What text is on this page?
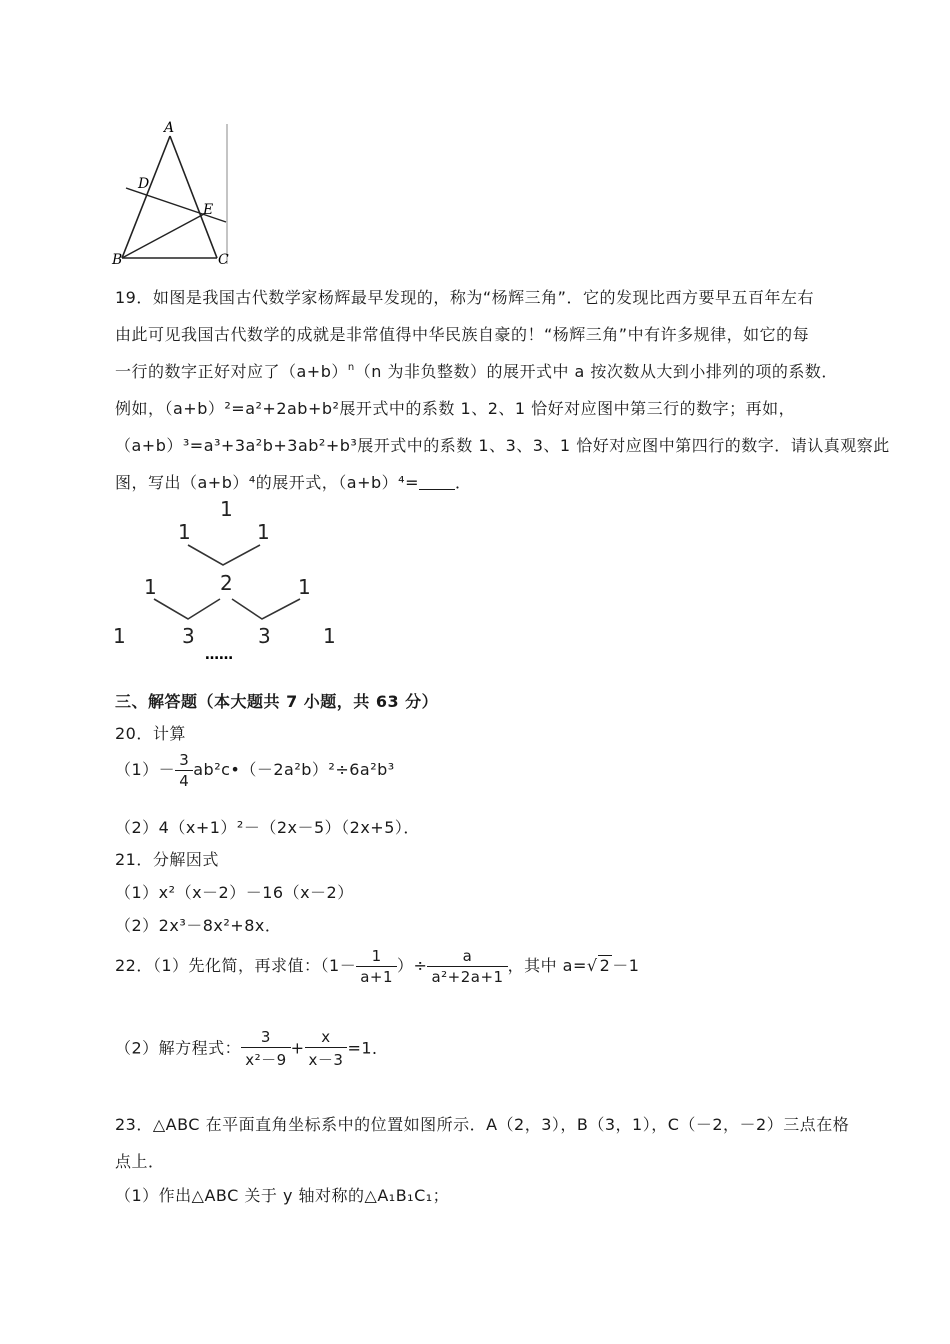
A
D
E
B	C
19．如图是我国古代数学家杨辉最早发现的，称为“杨辉三角”．它的发现比西方要早五百年左右
由此可见我国古代数学的成就是非常值得中华民族自豪的！“杨辉三角”中有许多规律，如它的每
一行的数字正好对应了$(a+b)^n(n$ 为非负整数）的展开式中 a 按次数从大到小排列的项的系数．
例如，（a+b）²=a²+2ab+b²展开式中的系数 1、2、1 恰好对应图中第三行的数字；再如，
（a+b）³=a³+3a²b+3ab²+b³展开式中的系数 1、3、3、1 恰好对应图中第四行的数字．请认真观察此
图，写出（a+b）⁴的展开式，（a+b）⁴= ．
1
1	1
1	2	1
1	3	3	1
……
三、解答题（本大题共 7 小题，共 63 分）
20．计算
$(1)- \frac{3}{4}$ ab²c•（－2a²b）²÷6a²b³
（2）4（x+1）²－（2x－5）（2x+5）．
21．分解因式
（1）x²（x－2）－16（x－2）
（2）2x³－8x²+8x．
22．（1）先化简，再求值：（$1- \frac{1}{a+1}$ ）÷ $\frac{a}{\text{a²+2a+1}}$ ，其中 a=√ 2 －1
（2）解方程式： $\frac{3}{\text{x²－9}} + \frac{x}{x-3} =1$．
23．△ABC 在平面直角坐标系中的位置如图所示．A（2，3），B（3，1），C（－2，－2）三点在格
点上．
（1）作出△ABC 关于 y 轴对称的△A₁B₁C₁；
